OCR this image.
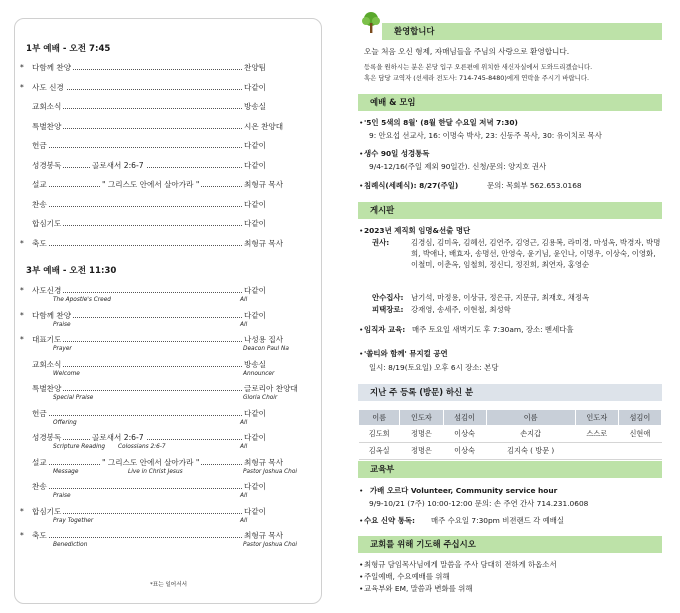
1부 예배 - 오전 7:45
*	다함께 찬양	찬양팀
*	사도 신경	다같이
교회소식	방송실
특별찬양	시온 찬양대
헌금	다같이
성경봉독	골로새서 2:6-7	다같이
설교	" 그리스도 안에서 살아가라 "	최형규 목사
찬송	다같이
합심기도	다같이
*	축도	최형규 목사
3부 예배 - 오전 11:30
*	사도신경	다같이
The Apostle's Creed	All
*	다함께 찬양	다같이
Praise	All
*	대표기도	나성용 집사
Prayer	Deacon Paul Na
교회소식	방송실
Welcome	Announcer
특별찬양	글로리아 찬양대
Special Praise	Gloria Choir
헌금	다같이
Offering	All
성경봉독	골로새서 2:6-7	다같이
Scripture Reading Colossians 2:6-7	All
설교	" 그리스도 안에서 살아가라 "	최형규 목사
Message	Live in Christ Jesus	Pastor Joshua Choi
찬송	다같이
Praise	All
*	합심기도	다같이
Pray Together	All
*	축도	최형규 목사
Benediction	Pastor Joshua Choi
*표는 일어서서
환영합니다
오늘 처음 오신 형제, 자매님들을 주님의 사랑으로 환영합니다.
등록을 원하시는 분은 본당 입구 오른편에 위치한 새신자실에서 도와드리겠습니다.
혹은 담당 교역자 (선세라 전도사: 714-745-8480)에게 연락을 주시기 바랍니다.
예배 & 모임
• '5인 5색의 8월' (8월 한달 수요일 저녁 7:30)
9: 안요섭 선교사, 16: 이명숙 박사, 23: 신동주 목사, 30: 유이치로 목사
• 생수 90일 성경통독
9/4-12/16(주일 제외 90일간). 신청/문의: 양지호 권사
• 침례식(세례식): 8/27(주일)	문의: 목회부 562.653.0168
게시판
• 2023년 제직회 임명&선출 명단
권사:	김경심, 김미옥, 김혜선, 김연주, 김영근, 김용복, 라미경, 마성옥, 박경자, 박명희, 박애나, 배효자, 송명선, 안영숙, 윤기님, 윤인나, 이명우, 이상숙, 이영화, 이철미, 이춘옥, 임철희, 정신디, 정진희, 최연자, 홍영순
안수집사: 남기석, 마정용, 이상규, 정은규, 지문규, 최재호, 채정옥
피택장로: 강재영, 송세주, 이현철, 최성학
• 임직자 교육: 매주 토요일 새벽기도 후 7:30am, 장소: 벧세다홀
• '쏠티와 함께' 뮤지컬 공연
일시: 8/19(토요일) 오후 6시 장소: 본당
지난 주 등록 (방문) 하신 분
이름	인도자	섬김이	이름	인도자	섬김이
김도희	정명은	이상숙	손지갑	스스로	신현애
김옥실	정명은	이상숙	김지숙 ( 방문 )		
교육부
• 가배 오르다 Volunteer, Community service hour
9/9-10/21 (7주) 10:00-12:00 문의: 손 주연 간사 714.231.0608
• 수요 신약 통독: 매주 수요일 7:30pm 비젼랜드 각 예배실
교회를 위해 기도해 주십시오
• 최형규 담임목사님에게 말씀을 주사 담대히 전하게 하옵소서
• 주일예배, 수요예배를 위해
• 교육부와 EM, 말씀과 변화를 위해
